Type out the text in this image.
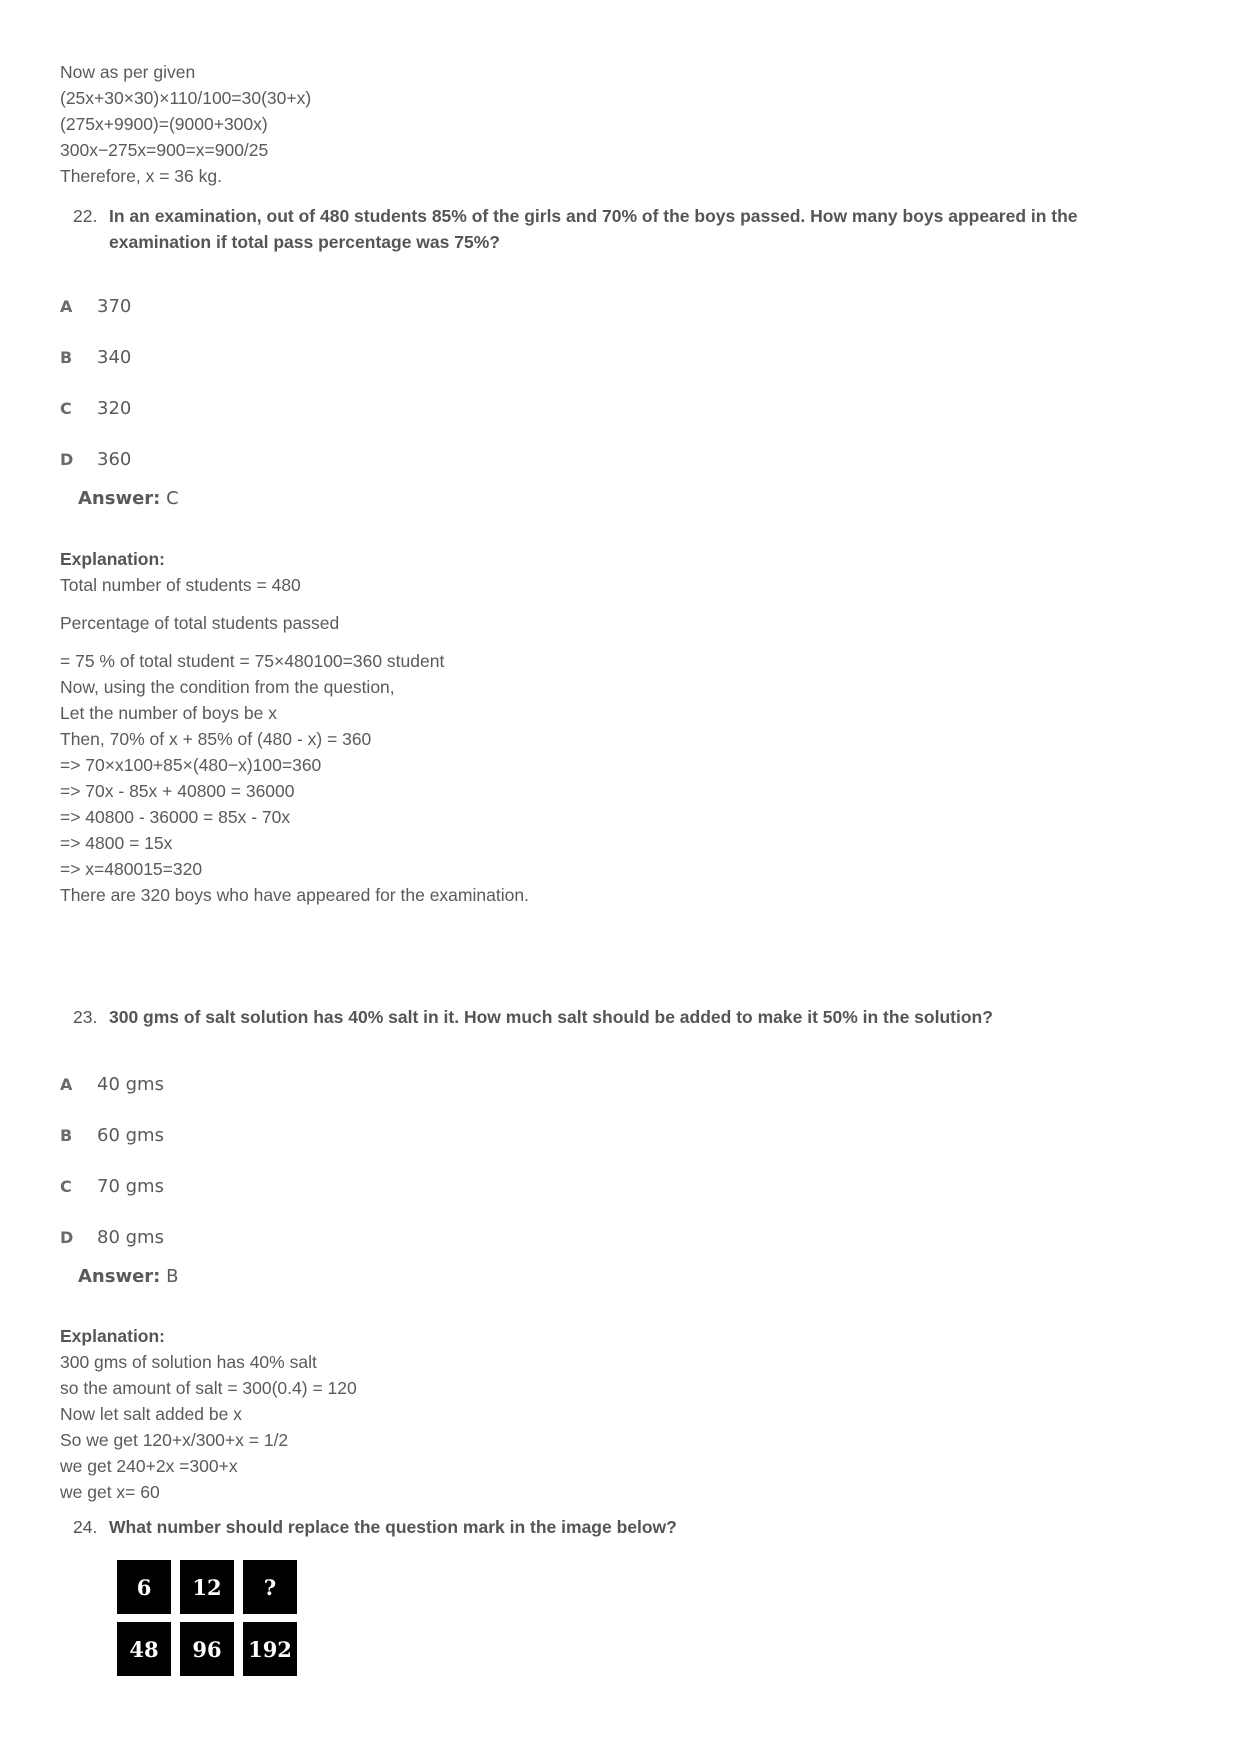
Now as per given

(25x+30×30)×110/100=30(30+x)

(275x+9900)=(9000+300x)

300x−275x=900=x=900/25

Therefore, x = 36 kg.

22. In an examination, out of 480 students 85% of the girls and 70% of the boys passed. How many boys appeared in the examination if total pass percentage was 75%?
A 370
B 340
C 320
D 360
Answer: C

Explanation:

Total number of students = 480

Percentage of total students passed

= 75 % of total student = 75×480100=360 student

Now, using the condition from the question,

Let the number of boys be x

Then, 70% of x + 85% of (480 - x) = 360

=> 70×x100+85×(480−x)100=360

=> 70x - 85x + 40800 = 36000

=> 40800 - 36000 = 85x - 70x

=> 4800 = 15x

=> x=480015=320

There are 320 boys who have appeared for the examination.

23. 300 gms of salt solution has 40% salt in it. How much salt should be added to make it 50% in the solution?
A 40 gms
B 60 gms
C 70 gms
D 80 gms
Answer: B

Explanation:

300 gms of solution has 40% salt

so the amount of salt = 300(0.4) = 120

Now let salt added be x

So we get 120+x/300+x = 1/2

we get 240+2x =300+x

we get x= 60

24. What number should replace the question mark in the image below?
6	12	?
48	96	192
